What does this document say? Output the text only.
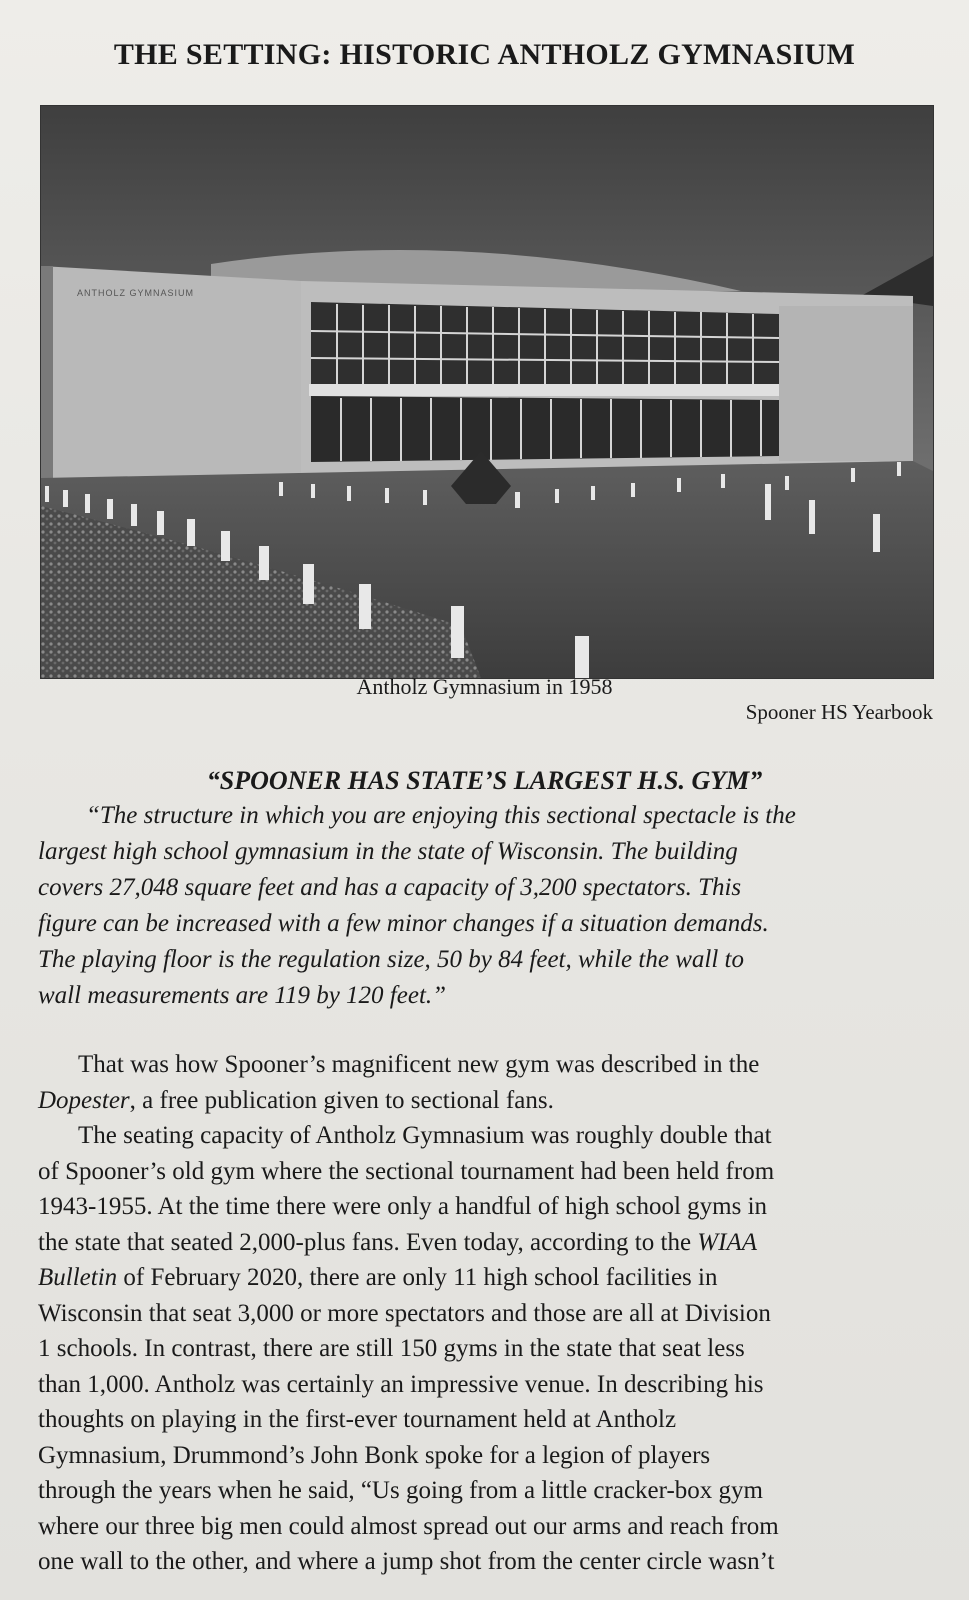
THE SETTING: HISTORIC ANTHOLZ GYMNASIUM
ANTHOLZ GYMNASIUM
Antholz Gymnasium in 1958
Spooner HS Yearbook
“SPOONER HAS STATE’S LARGEST H.S. GYM”
“The structure in which you are enjoying this sectional spectacle is the
largest high school gymnasium in the state of Wisconsin. The building
covers 27,048 square feet and has a capacity of 3,200 spectators. This
figure can be increased with a few minor changes if a situation demands.
The playing floor is the regulation size, 50 by 84 feet, while the wall to
wall measurements are 119 by 120 feet.”
That was how Spooner’s magnificent new gym was described in the
Dopester, a free publication given to sectional fans.
The seating capacity of Antholz Gymnasium was roughly double that
of Spooner’s old gym where the sectional tournament had been held from
1943-1955. At the time there were only a handful of high school gyms in
the state that seated 2,000-plus fans. Even today, according to the WIAA
Bulletin of February 2020, there are only 11 high school facilities in
Wisconsin that seat 3,000 or more spectators and those are all at Division
1 schools. In contrast, there are still 150 gyms in the state that seat less
than 1,000. Antholz was certainly an impressive venue. In describing his
thoughts on playing in the first-ever tournament held at Antholz
Gymnasium, Drummond’s John Bonk spoke for a legion of players
through the years when he said, “Us going from a little cracker-box gym
where our three big men could almost spread out our arms and reach from
one wall to the other, and where a jump shot from the center circle wasn’t
